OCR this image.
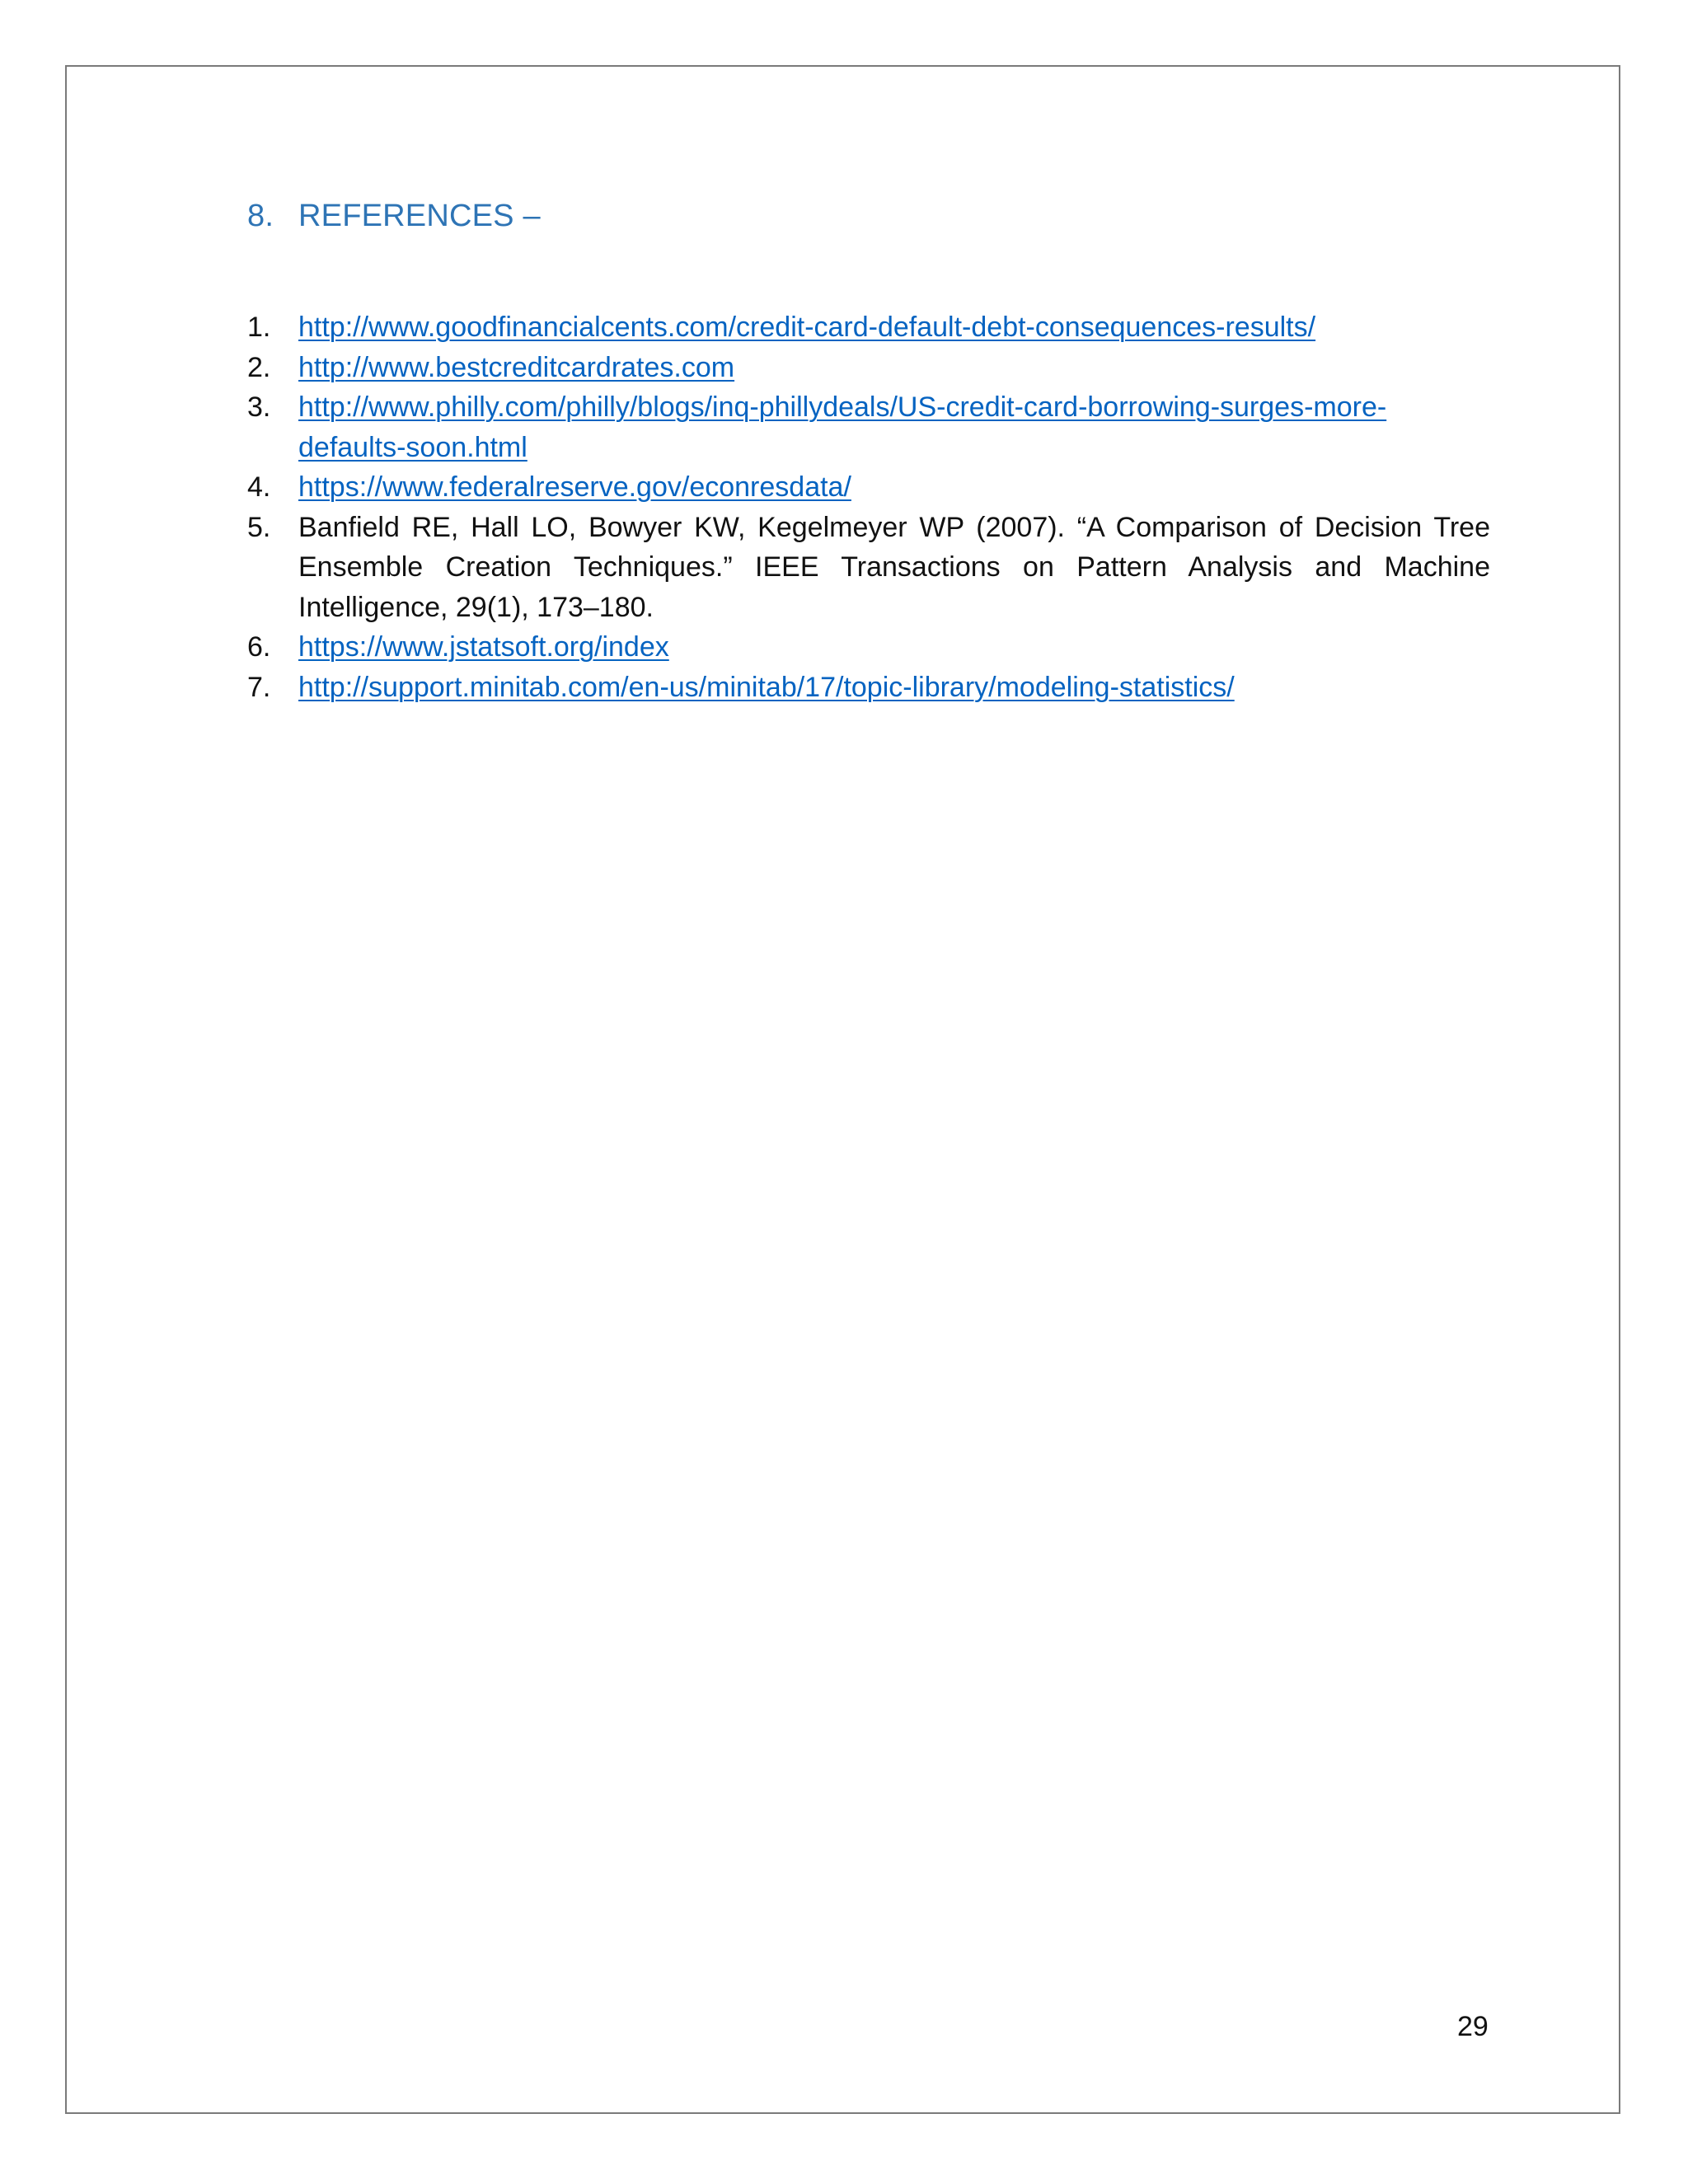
8. REFERENCES –
1. http://www.goodfinancialcents.com/credit-card-default-debt-consequences-results/
2. http://www.bestcreditcardrates.com
3. http://www.philly.com/philly/blogs/inq-phillydeals/US-credit-card-borrowing-surges-more-defaults-soon.html
4. https://www.federalreserve.gov/econresdata/
5. Banfield RE, Hall LO, Bowyer KW, Kegelmeyer WP (2007). “A Comparison of Decision Tree Ensemble Creation Techniques.” IEEE Transactions on Pattern Analysis and Machine Intelligence, 29(1), 173–180.
6. https://www.jstatsoft.org/index
7. http://support.minitab.com/en-us/minitab/17/topic-library/modeling-statistics/
29
